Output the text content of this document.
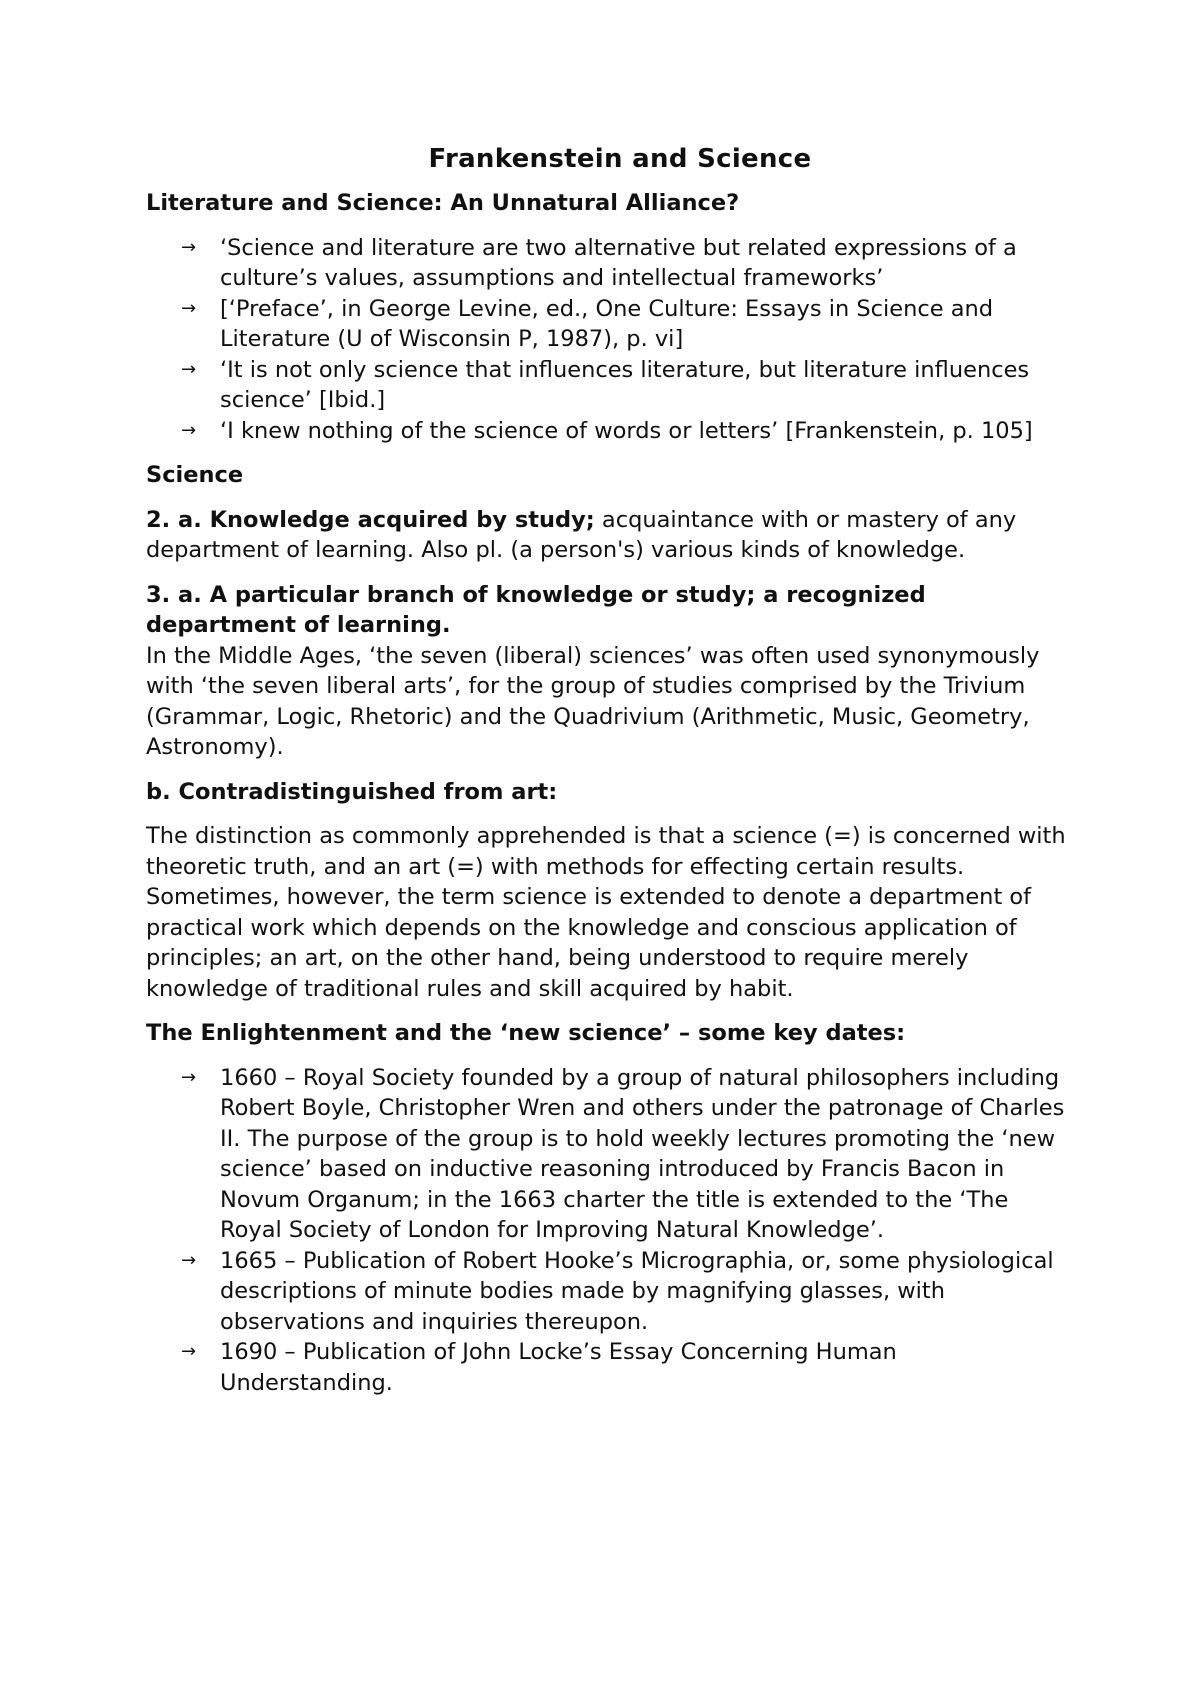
Frankenstein and Science

Literature and Science: An Unnatural Alliance?

→ ‘Science and literature are two alternative but related expressions of a culture’s values, assumptions and intellectual frameworks’
→ [‘Preface’, in George Levine, ed., One Culture: Essays in Science and Literature (U of Wisconsin P, 1987), p. vi]
→ ‘It is not only science that influences literature, but literature influences science’ [Ibid.]
→ ‘I knew nothing of the science of words or letters’ [Frankenstein, p. 105]

Science

2. a. Knowledge acquired by study; acquaintance with or mastery of any department of learning. Also pl. (a person's) various kinds of knowledge.

3. a. A particular branch of knowledge or study; a recognized department of learning.

In the Middle Ages, ‘the seven (liberal) sciences’ was often used synonymously with ‘the seven liberal arts’, for the group of studies comprised by the Trivium (Grammar, Logic, Rhetoric) and the Quadrivium (Arithmetic, Music, Geometry, Astronomy).

b. Contradistinguished from art:

The distinction as commonly apprehended is that a science (=) is concerned with theoretic truth, and an art (=) with methods for effecting certain results. Sometimes, however, the term science is extended to denote a department of practical work which depends on the knowledge and conscious application of principles; an art, on the other hand, being understood to require merely knowledge of traditional rules and skill acquired by habit.

The Enlightenment and the ‘new science’ – some key dates:

→ 1660 – Royal Society founded by a group of natural philosophers including Robert Boyle, Christopher Wren and others under the patronage of Charles II. The purpose of the group is to hold weekly lectures promoting the ‘new science’ based on inductive reasoning introduced by Francis Bacon in Novum Organum; in the 1663 charter the title is extended to the ‘The Royal Society of London for Improving Natural Knowledge’.
→ 1665 – Publication of Robert Hooke’s Micrographia, or, some physiological descriptions of minute bodies made by magnifying glasses, with observations and inquiries thereupon.
→ 1690 – Publication of John Locke’s Essay Concerning Human Understanding.
